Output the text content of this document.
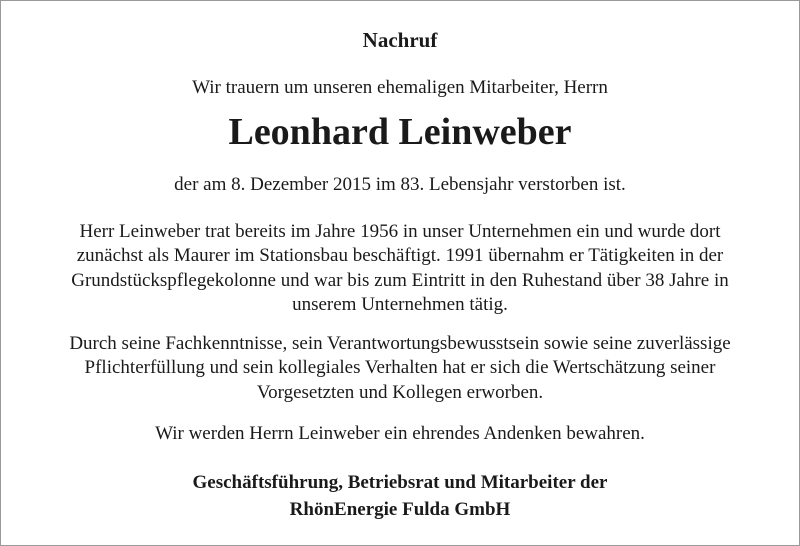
Nachruf

Wir trauern um unseren ehemaligen Mitarbeiter, Herrn

Leonhard Leinweber

der am 8. Dezember 2015 im 83. Lebensjahr verstorben ist.

Herr Leinweber trat bereits im Jahre 1956 in unser Unternehmen ein und wurde dort
zunächst als Maurer im Stationsbau beschäftigt. 1991 übernahm er Tätigkeiten in der
Grundstückspflegekolonne und war bis zum Eintritt in den Ruhestand über 38 Jahre in
unserem Unternehmen tätig.

Durch seine Fachkenntnisse, sein Verantwortungsbewusstsein sowie seine zuverlässige
Pflichterfüllung und sein kollegiales Verhalten hat er sich die Wertschätzung seiner
Vorgesetzten und Kollegen erworben.

Wir werden Herrn Leinweber ein ehrendes Andenken bewahren.

Geschäftsführung, Betriebsrat und Mitarbeiter der
RhönEnergie Fulda GmbH
